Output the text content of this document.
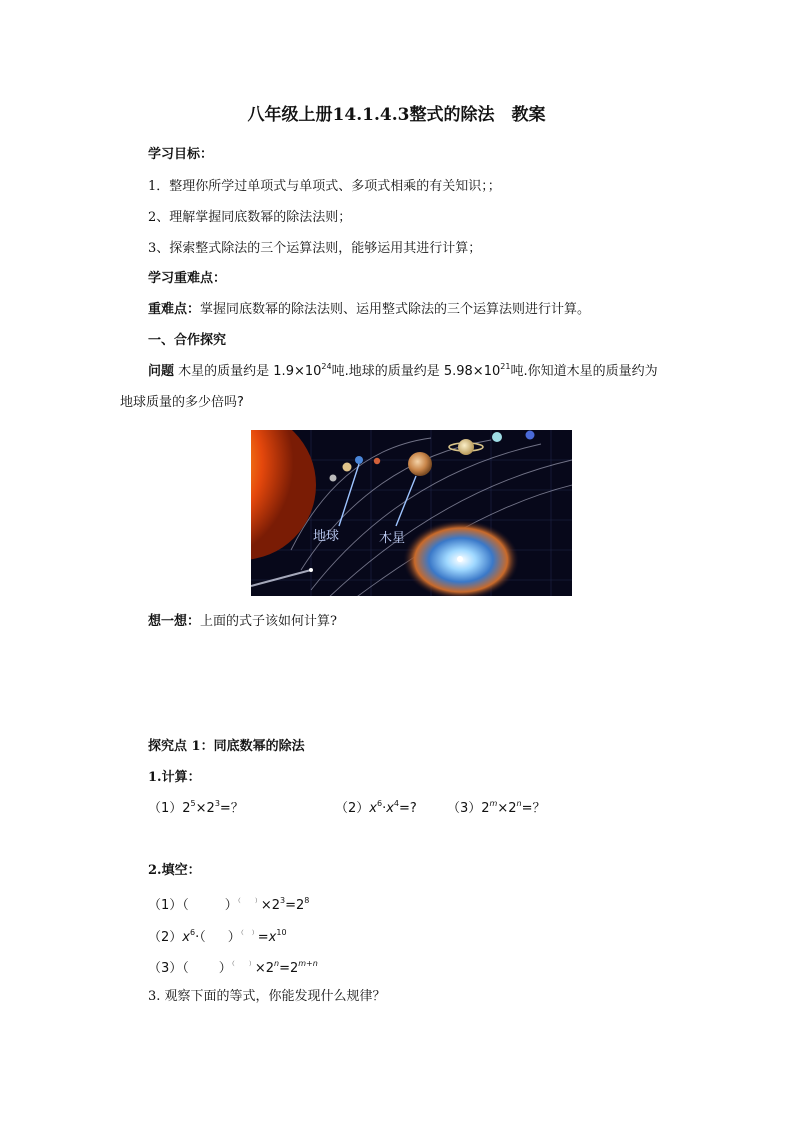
八年级上册14.1.4.3整式的除法　教案
学习目标：
1．整理你所学过单项式与单项式、多项式相乘的有关知识；；
2、理解掌握同底数幂的除法法则；
3、探索整式除法的三个运算法则，能够运用其进行计算；
学习重难点：
重难点：掌握同底数幂的除法法则、运用整式除法的三个运算法则进行计算。
一、合作探究
问题 木星的质量约是 $1.9\times 10^{24}$吨.地球的质量约是 $5.98\times 10^{21}$吨.你知道木星的质量约为
地球质量的多少倍吗?
地球	木星
想一想：上面的式子该如何计算?
探究点 1：同底数幂的除法
1.计算：
$(1)2^5\times 2^3=$？	$(2)x^6\cdot x^4=$? $(3)2^m\times 2^n=$？
2.填空：
（1）（	）（ $^)\times 2^3=2^8$
$(2)x^6\cdot$（ ）（ $^)=x^{10}$
（3）（ ）（ $^)\times 2^n=2^{m+n}$
3. 观察下面的等式，你能发现什么规律？
